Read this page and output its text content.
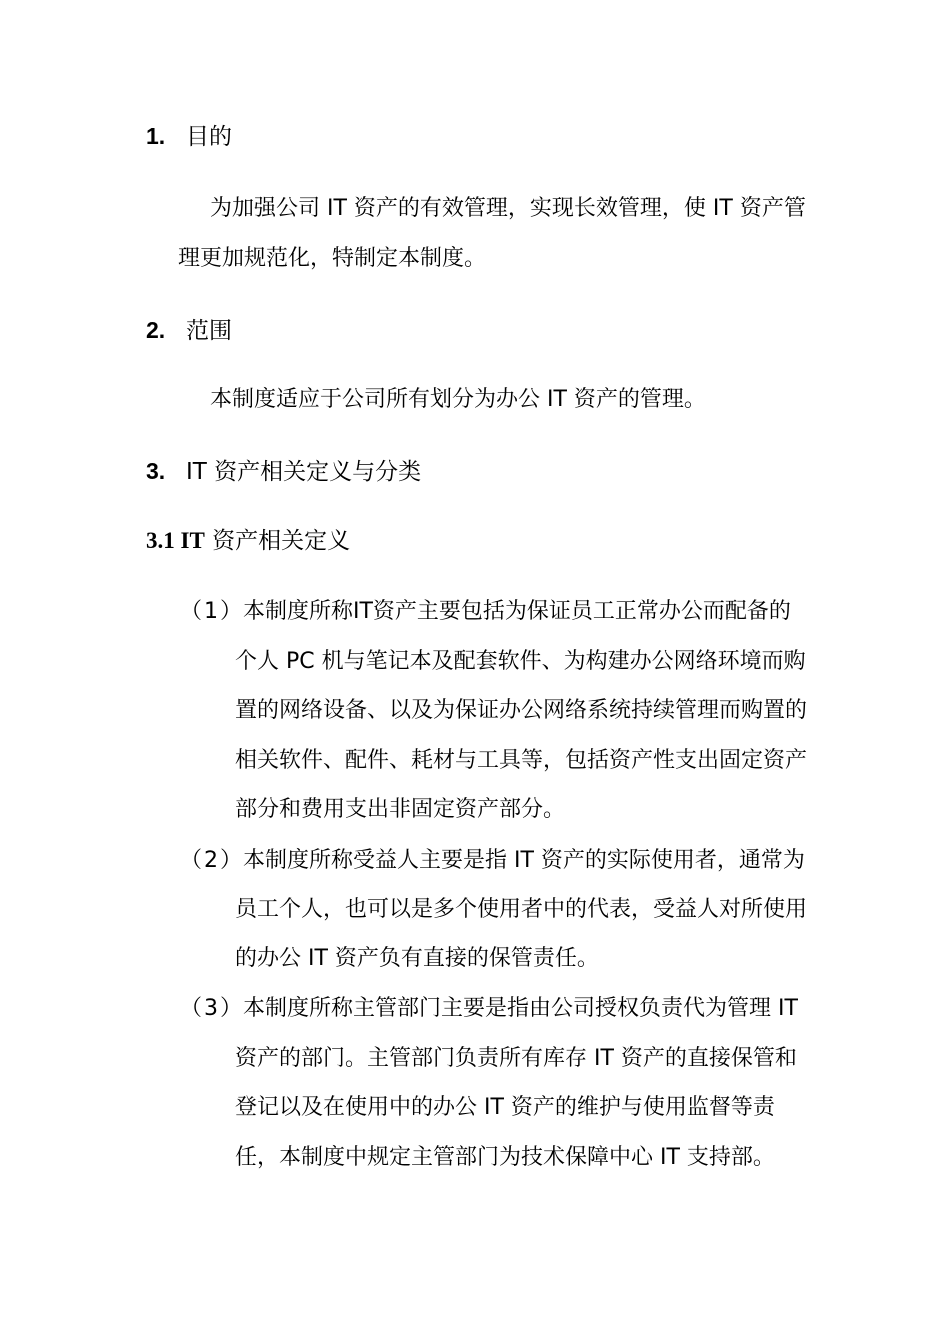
1. 目的
为加强公司 IT 资产的有效管理，实现长效管理，使 IT 资产管
理更加规范化，特制定本制度。
2. 范围
本制度适应于公司所有划分为办公 IT 资产的管理。
3. IT 资产相关定义与分类
3.1 IT 资产相关定义
（1） 本制度所称IT资产主要包括为保证员工正常办公而配备的
个人 PC 机与笔记本及配套软件、为构建办公网络环境而购
置的网络设备、以及为保证办公网络系统持续管理而购置的
相关软件、配件、耗材与工具等，包括资产性支出固定资产
部分和费用支出非固定资产部分。
（2） 本制度所称受益人主要是指 IT 资产的实际使用者，通常为
员工个人，也可以是多个使用者中的代表，受益人对所使用
的办公 IT 资产负有直接的保管责任。
（3） 本制度所称主管部门主要是指由公司授权负责代为管理 IT
资产的部门。主管部门负责所有库存 IT 资产的直接保管和
登记以及在使用中的办公 IT 资产的维护与使用监督等责
任，本制度中规定主管部门为技术保障中心 IT 支持部。
